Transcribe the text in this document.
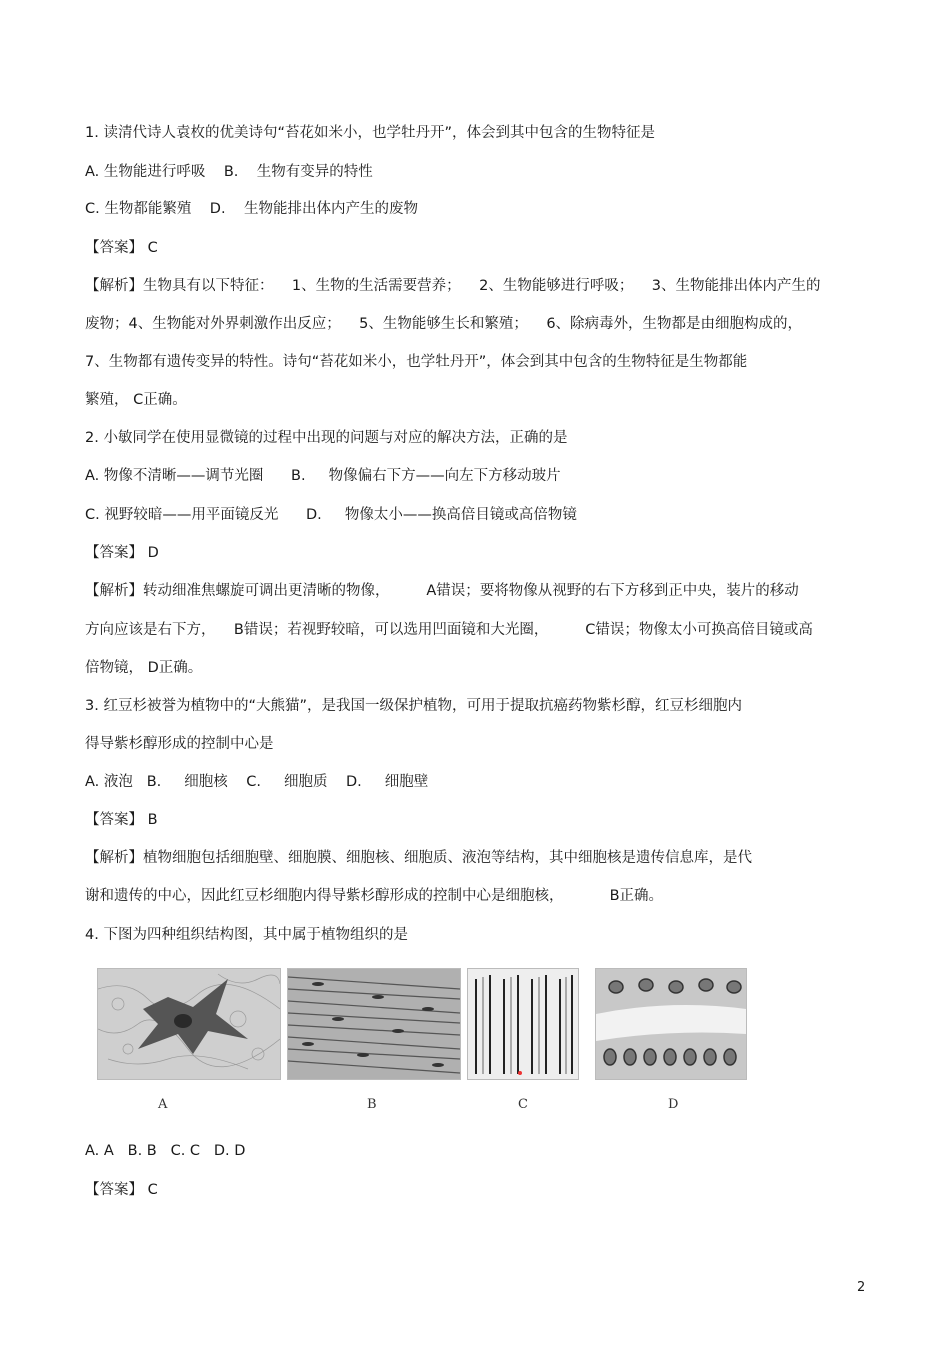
1. 读清代诗人袁枚的优美诗句“苔花如米小，也学牡丹开”，体会到其中包含的生物特征是
A. 生物能进行呼吸    B.    生物有变异的特性
C. 生物都能繁殖    D.    生物能排出体内产生的废物
【答案】 C
【解析】生物具有以下特征：    1、生物的生活需要营养；    2、生物能够进行呼吸；    3、生物能排出体内产生的
废物；4、生物能对外界刺激作出反应；    5、生物能够生长和繁殖；    6、除病毒外，生物都是由细胞构成的，
7、生物都有遗传变异的特性。诗句“苔花如米小，也学牡丹开”，体会到其中包含的生物特征是生物都能
繁殖， C正确。
2. 小敏同学在使用显微镜的过程中出现的问题与对应的解决方法，正确的是
A. 物像不清晰——调节光圈      B.     物像偏右下方——向左下方移动玻片
C. 视野较暗——用平面镜反光      D.     物像太小——换高倍目镜或高倍物镜
【答案】 D
【解析】转动细准焦螺旋可调出更清晰的物像，        A错误；要将物像从视野的右下方移到正中央，装片的移动
方向应该是右下方，    B错误；若视野较暗，可以选用凹面镜和大光圈，        C错误；物像太小可换高倍目镜或高
倍物镜， D正确。
3. 红豆杉被誉为植物中的“大熊猫”，是我国一级保护植物，可用于提取抗癌药物紫杉醇，红豆杉细胞内
得导紫杉醇形成的控制中心是
A. 液泡   B.     细胞核    C.     细胞质    D.     细胞壁
【答案】 B
【解析】植物细胞包括细胞壁、细胞膜、细胞核、细胞质、液泡等结构，其中细胞核是遗传信息库，是代
谢和遗传的中心，因此红豆杉细胞内得导紫杉醇形成的控制中心是细胞核，          B正确。
4. 下图为四种组织结构图，其中属于植物组织的是
A	B	C	D
A. A   B. B   C. C   D. D
【答案】 C
2
